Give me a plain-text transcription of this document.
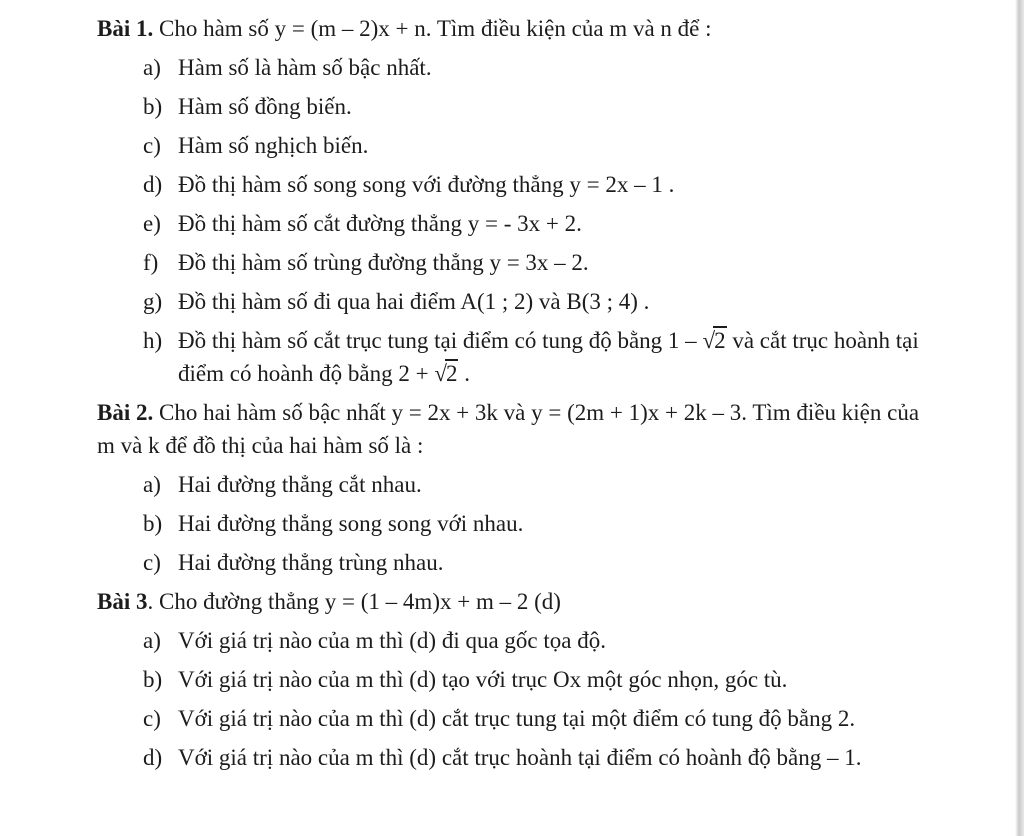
Bài 1. Cho hàm số y = (m – 2)x + n. Tìm điều kiện của m và n để :

a) Hàm số là hàm số bậc nhất.
b) Hàm số đồng biến.
c) Hàm số nghịch biến.
d) Đồ thị hàm số song song với đường thẳng y = 2x – 1 .
e) Đồ thị hàm số cắt đường thẳng y = - 3x + 2.
f) Đồ thị hàm số trùng đường thẳng y = 3x – 2.
g) Đồ thị hàm số đi qua hai điểm A(1 ; 2) và B(3 ; 4) .
h) Đồ thị hàm số cắt trục tung tại điểm có tung độ bằng 1 – √2 và cắt trục hoành tại điểm có hoành độ bằng 2 + √2 .

Bài 2. Cho hai hàm số bậc nhất y = 2x + 3k và y = (2m + 1)x + 2k – 3. Tìm điều kiện của m và k để đồ thị của hai hàm số là :

a) Hai đường thẳng cắt nhau.
b) Hai đường thẳng song song với nhau.
c) Hai đường thẳng trùng nhau.

Bài 3. Cho đường thẳng y = (1 – 4m)x + m – 2 (d)

a) Với giá trị nào của m thì (d) đi qua gốc tọa độ.
b) Với giá trị nào của m thì (d) tạo với trục Ox một góc nhọn, góc tù.
c) Với giá trị nào của m thì (d) cắt trục tung tại một điểm có tung độ bằng 2.
d) Với giá trị nào của m thì (d) cắt trục hoành tại điểm có hoành độ bằng – 1.
